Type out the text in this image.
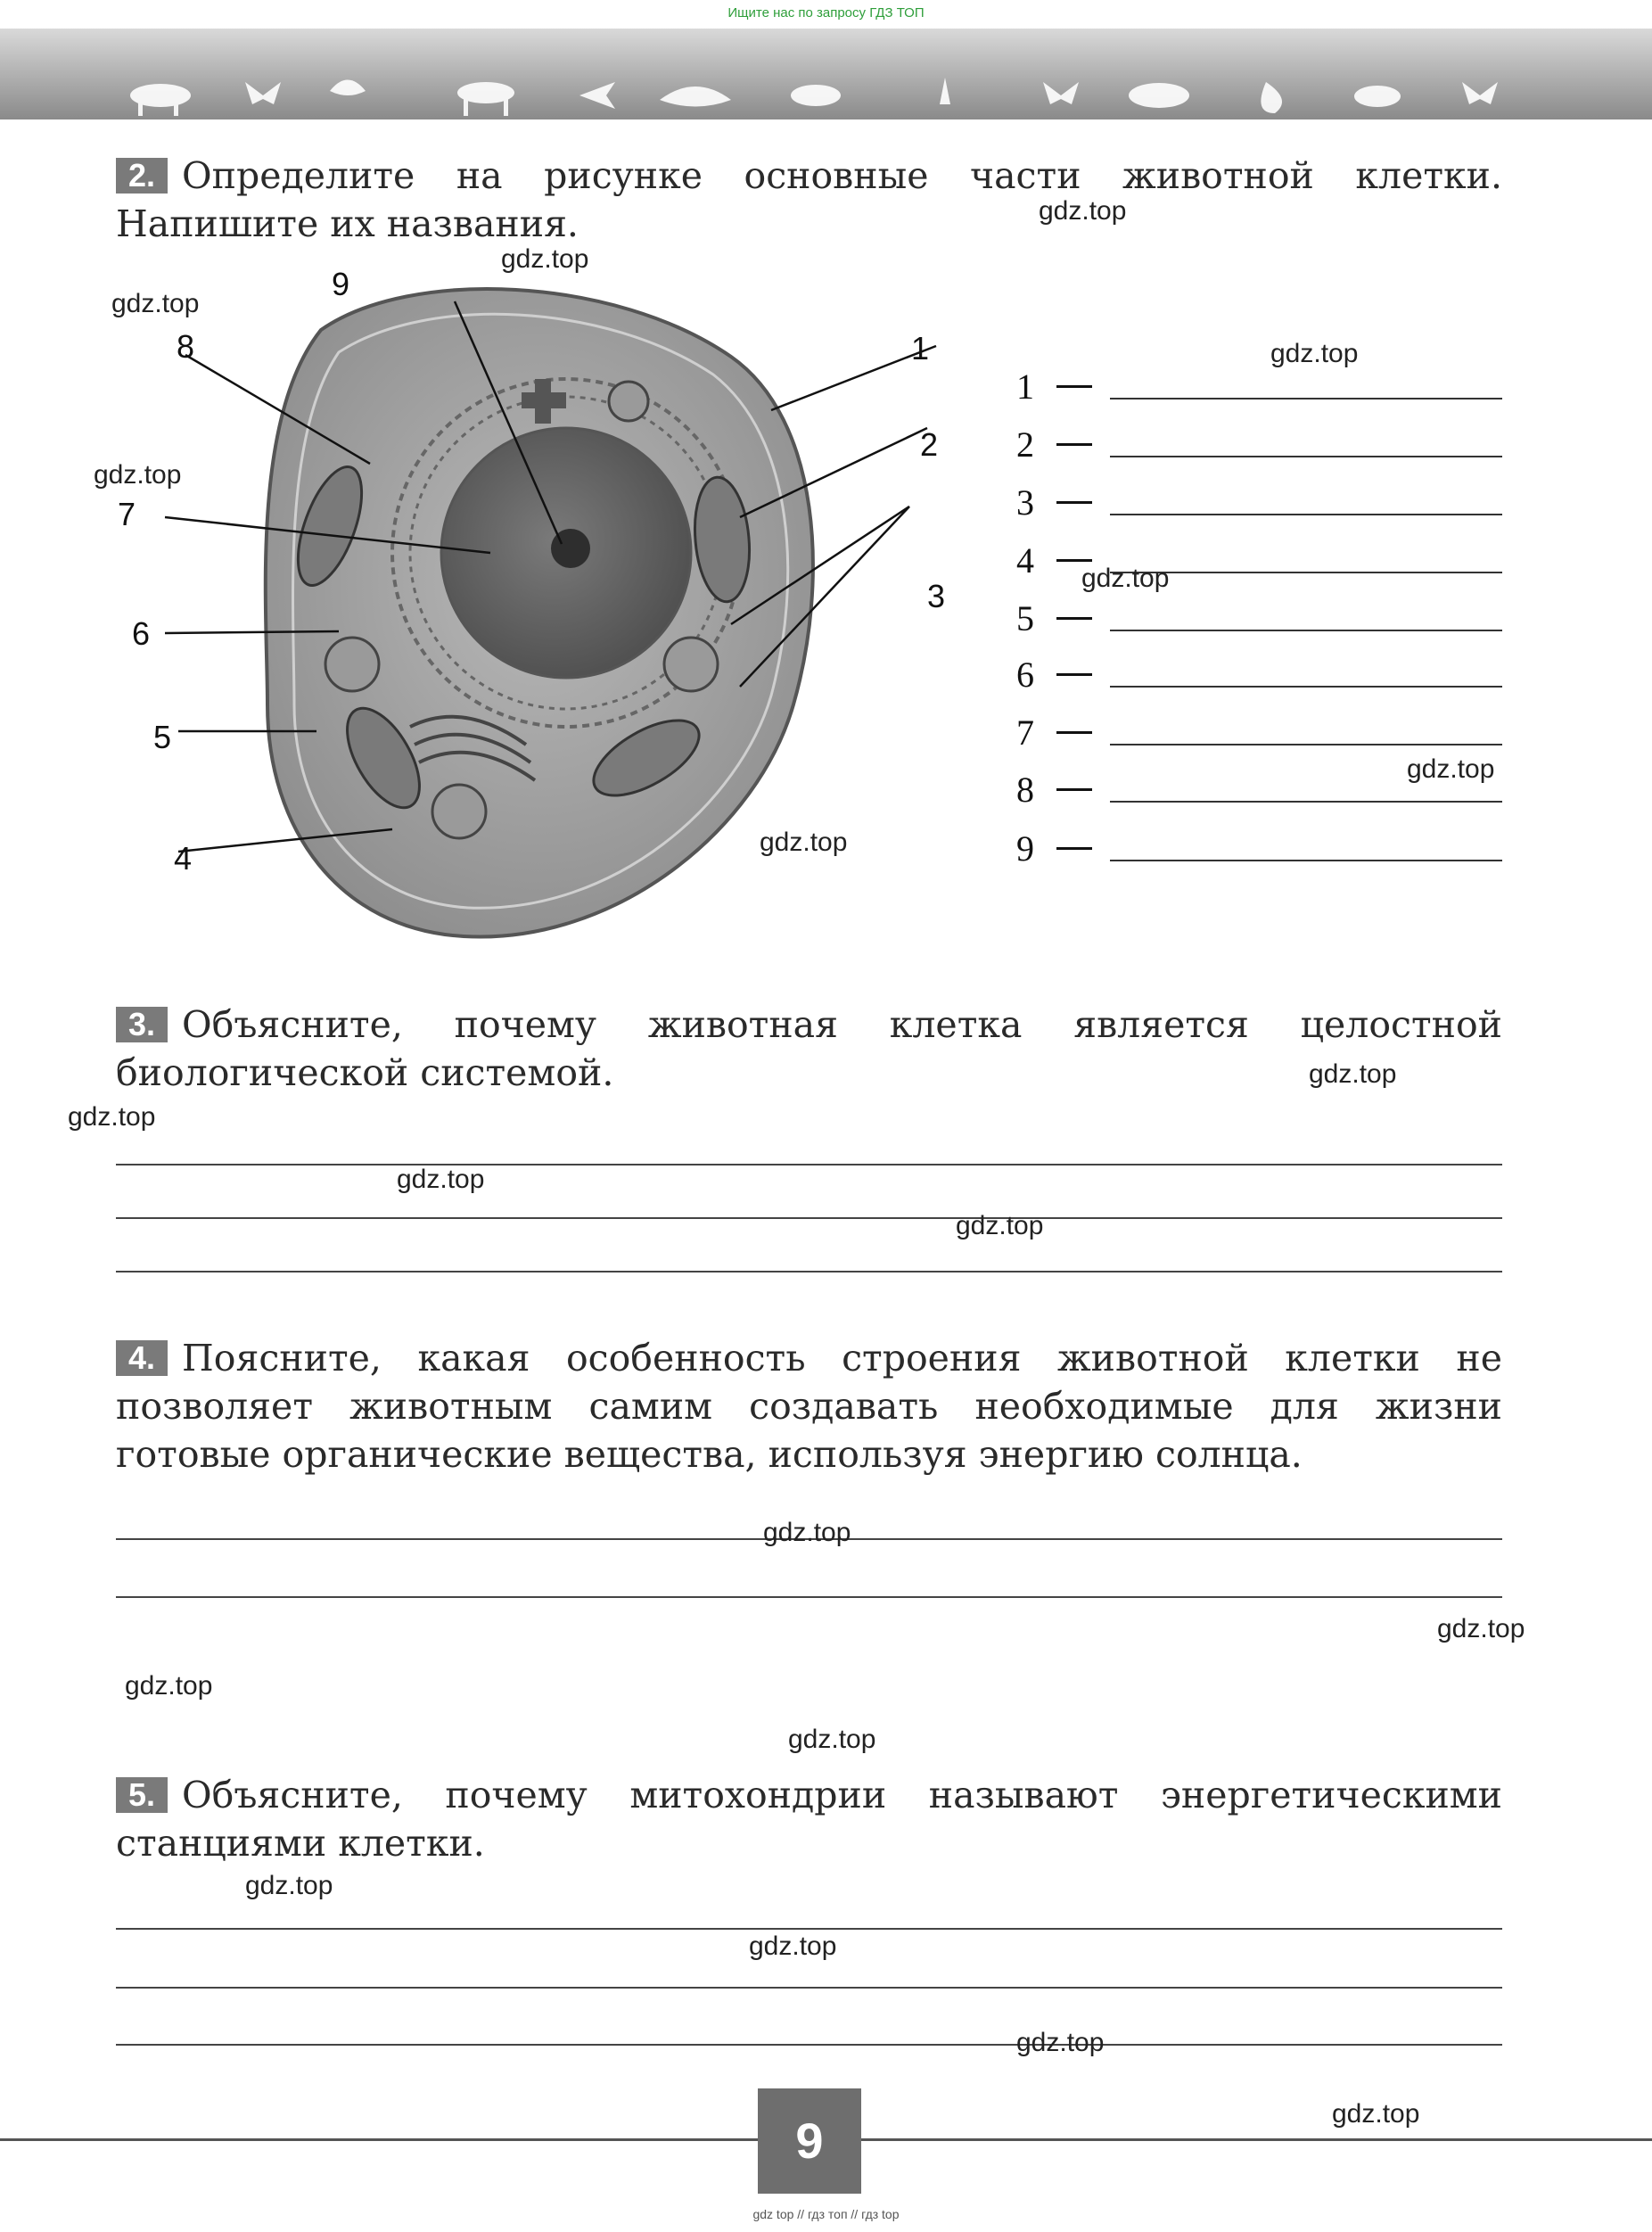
Ищите нас по запросу ГДЗ ТОП
2. Определите на рисунке основные части животной клетки. Напишите их названия.
9
8	1
2
7
3
6
5
4
1
2
3
4
5
6
7
8
9
3. Объясните, почему животная клетка является целостной биологической системой.
4. Поясните, какая особенность строения животной клетки не позволяет животным самим создавать необходимые для жизни готовые органические вещества, используя энергию солнца.
5. Объясните, почему митохондрии называют энергетическими станциями клетки.
9
gdz top // гдз топ // гдз top
gdz.top
gdz.top
gdz.top
gdz.top
gdz.top
gdz.top
gdz.top
gdz.top
gdz.top
gdz.top
gdz.top
gdz.top
gdz.top
gdz.top
gdz.top
gdz.top
gdz.top
gdz.top
gdz.top
gdz.top
